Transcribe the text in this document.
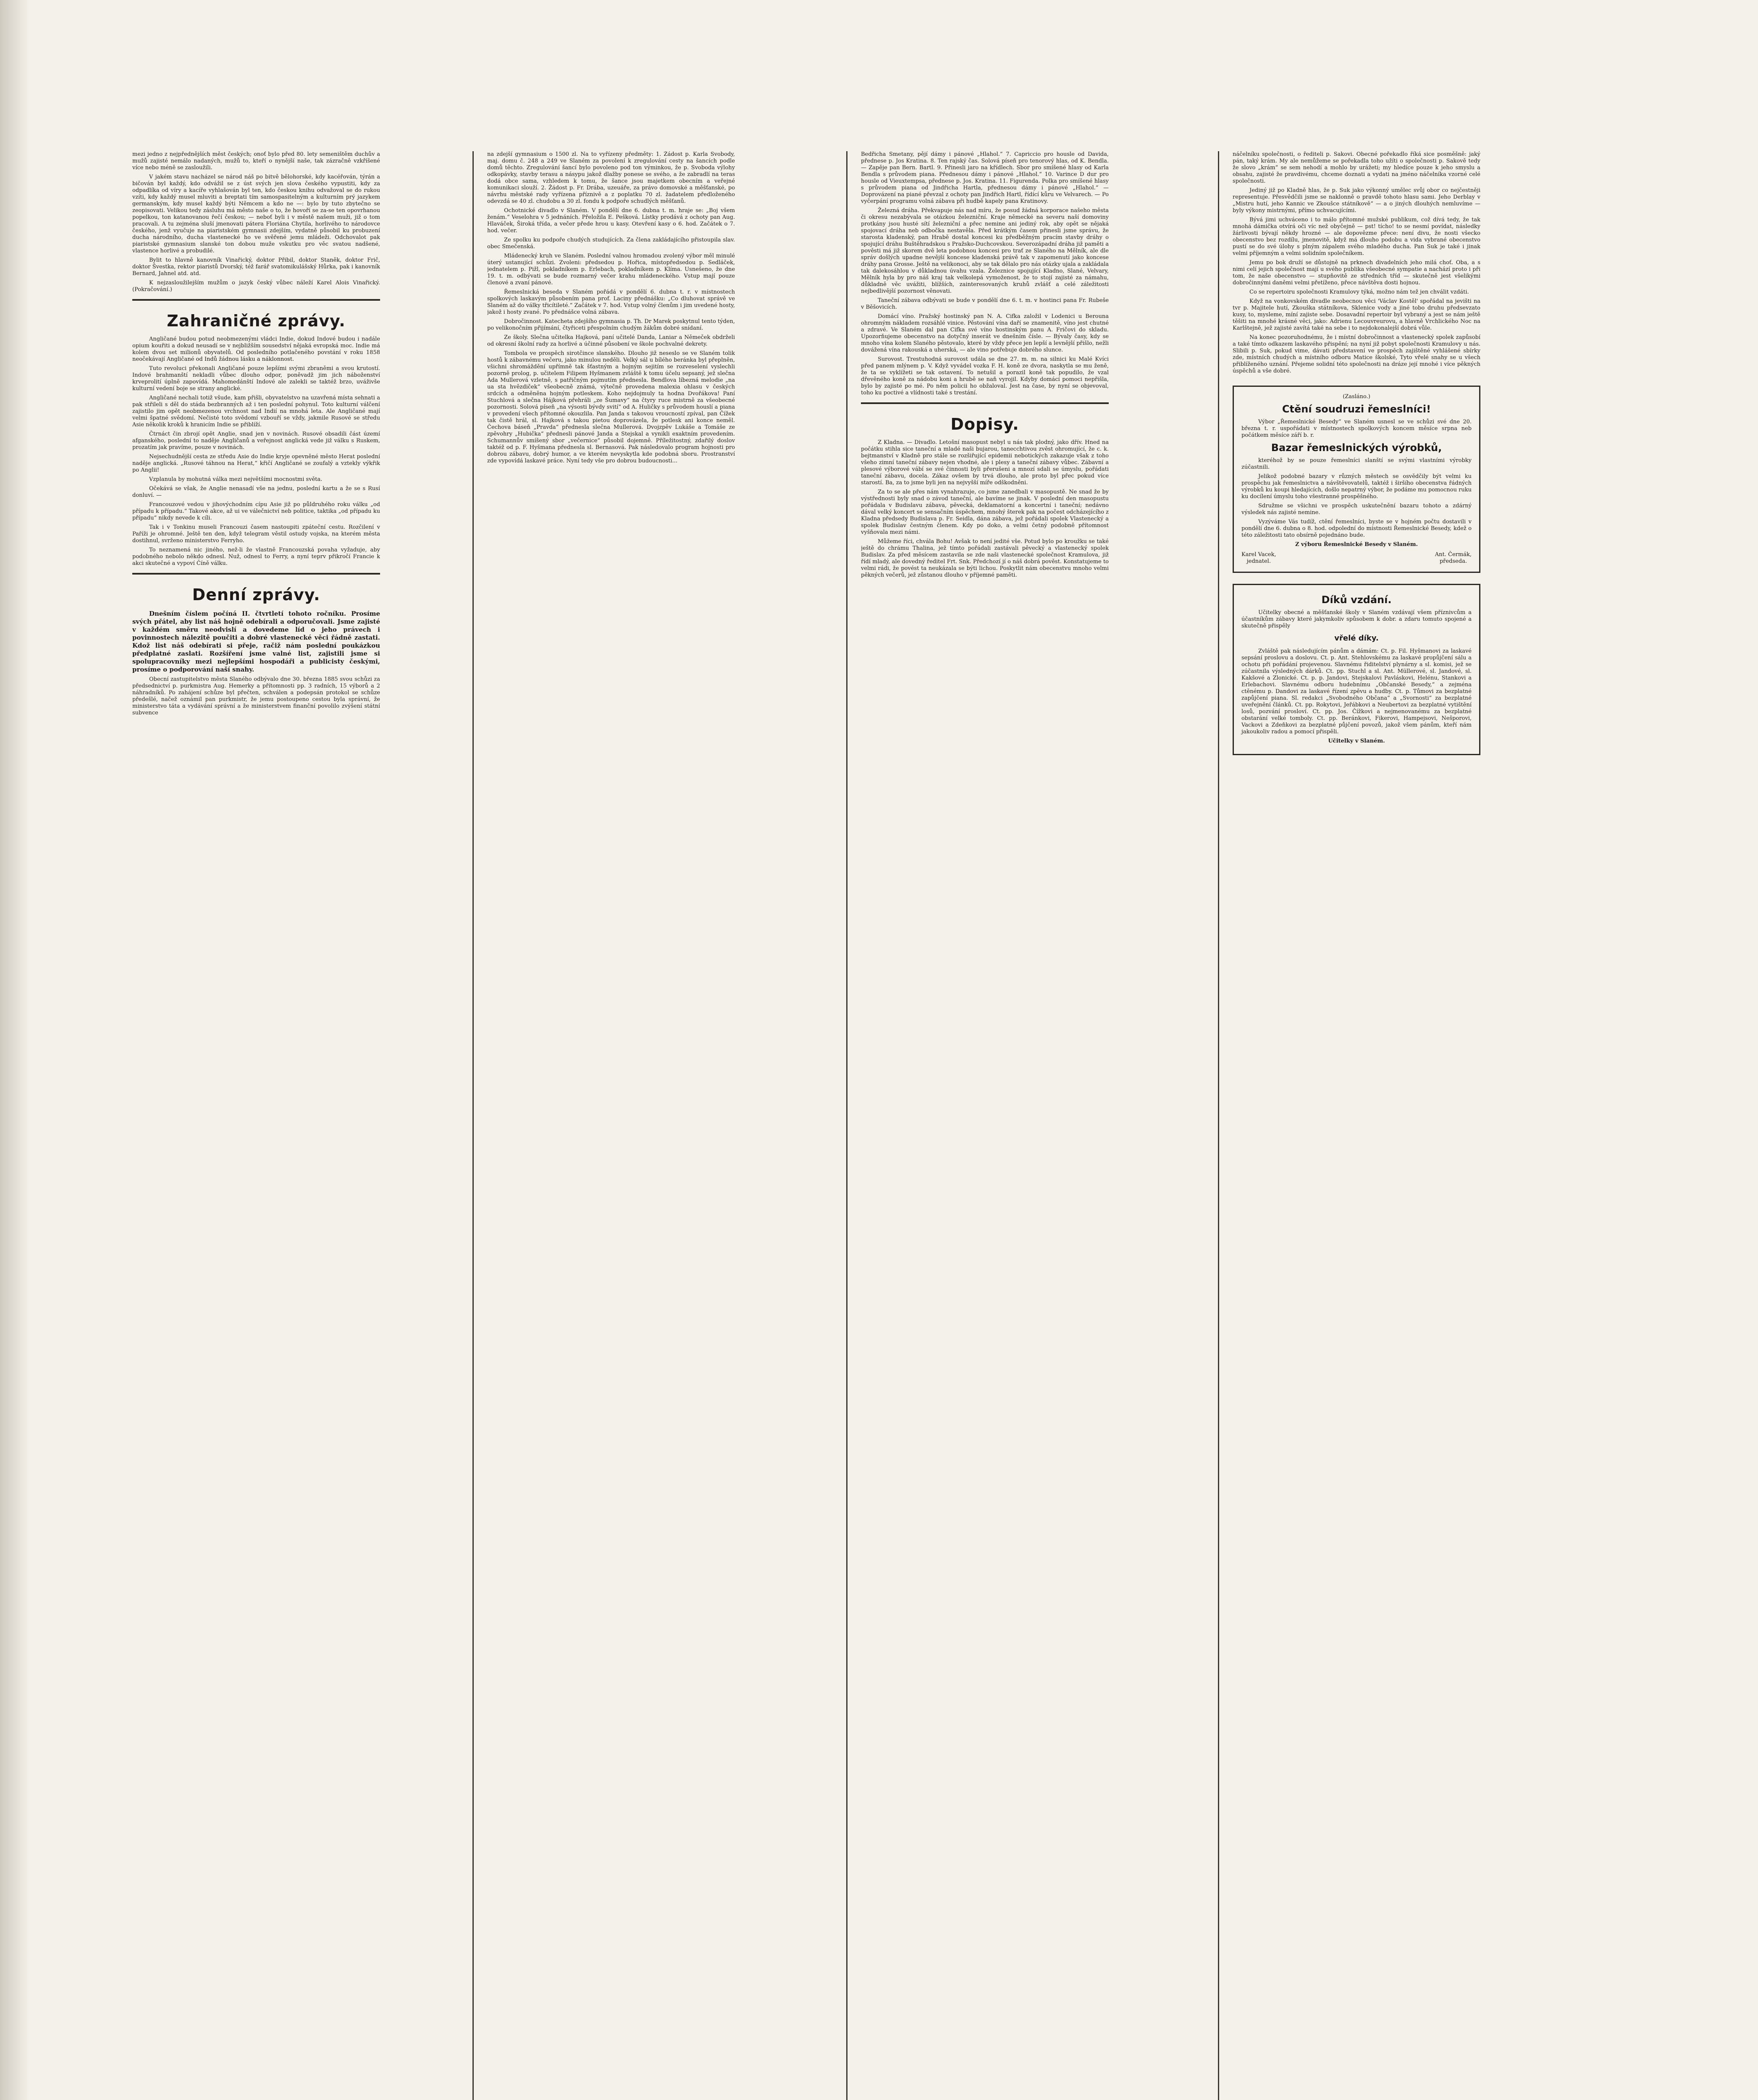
mezi jedno z nejpřednějších měst českých; onoť bylo před 80. lety semeništěm duchův a mužů zajisté nemálo nadaných, mužů to, kteří o nynější naše, tak zázračně vzkříšené více nebo méně se zasloužili.

V jakém stavu nacházel se národ náš po bitvě bělohorské, kdy kacéřován, týrán a bičován byl každý, kdo odvážil se z úst svých jen slova českého vypustiti, kdy za odpadlíka od víry a kacíře vyhlašován byl ten, kdo českou knihu odvažoval se do rukou vzíti, kdy každý musel mluviti a breptati tím samospasitelným a kulturním prý jazykem germanským, kdy musel každý býti Němcem a kdo ne —: bylo by tuto zbytečno se zeopisovati. Velikou tedy zásluhu má město naše o to, že hovoří se za-se ten opovrhanou popelkou, ton katanovanou řečí českou; — neboť byli i v městě našem muži, již o tom pracovali. A tu zejména sluší jmenovati pátera Floriána Chytila, horlivého to národovce českého, jenž vyučuje na piaristském gymnasii zdejším, vydatně působil ku probuzení ducha národního, ducha vlastenecké ho ve svěřené jemu mládeži. Odchovalot pak piaristské gymnasium slanské ton dobou muže vskutku pro věc svatou nadšené, vlastence horlivé a probudilé.

Bylit to hlavně kanovník Vinařický, doktor Přibil, doktor Staněk, doktor Frič, doktor Švestka, rektor piaristů Dvorský, též farář svatomikulášský Hůrka, pak i kanovník Bernard, Jahnel atd. atd.

K nejzasloužilejším mužům o jazyk český vůbec náleží Karel Alois Vinařický. (Pokračování.)

Zahraničné zprávy.

Angličané budou potud neobmezenými vládci Indie, dokud Indové budou i nadále opium kouřiti a dokud neusadí se v nejbližším sousedství nějaká evropská moc. Indie má kolem dvou set milionů obyvatelů. Od posledního potlačeného povstání v roku 1858 neočekávají Angličané od Indů žádnou lásku a náklonnost.

Tuto revoluci překonali Angličané pouze lepšími svými zbraněmi a svou krutostí. Indové brahmanští nekladli vůbec dlouho odpor, poněvadž jim jich náboženství krveprolití úplně zapovídá. Mahomedánští Indové ale zalekli se taktéž brzo, uváživše kulturní vedení boje se strany anglické.

Angličané nechali totiž všude, kam přišli, obyvatelstvo na uzavřená místa sehnati a pak střileli s děl do stáda bezbranných až i ten poslední pohynul. Toto kulturní válčení zajistilo jim opět neobmezenou vrchnost nad Indií na mnohá leta. Ale Angličané mají velmi špatné svědomí. Nečisté toto svědomí vzbouří se vždy, jakmile Rusové se středu Asie několik kroků k hranicím Indie se přiblíží.

Čtrnáct čin zbrojí opět Anglie, snad jen v novinách. Rusové obsadili část území afganského, poslední to naděje Angličanů a veřejnost anglická vede již válku s Ruskem, prozatím jak pravíme, pouze v novinách.

Nejsechudnější cesta ze středu Asie do Indie kryje opevněné město Herat poslední naděje anglická. „Rusové táhnou na Herat,“ křičí Angličané se zoufalý a vztekly výkřik po Anglii!

Vzplanula by mohutná válka mezi největšími mocnostmi světa.

Očekává se však, že Anglie nenasadí vše na jednu, poslední kartu a že se s Rusí donluví. —

Francouzové vedou v jihovýchodním cípu Asie již po půldruhého roku válku „od případu k případu.“ Takové akce, až ui ve válečnictví neb politice, taktika „od případu ku případu“ nikdy nevede k cíli.

Tak i v Tonkinu museli Francouzi časem nastoupiti zpáteční cestu. Rozčilení v Paříži je ohromné. Ještě ten den, když telegram věstil ostudy vojska, na kterém města dostihnul, svrženo ministerstvo Ferryho.

To neznamená nic jiného, než-li že vlastně Francouzská povaha vyžaduje, aby podobného nebolo někdo odnesl. Nuž, odnesl to Ferry, a nyní teprv přikročí Francie k akci skutečné a vypoví Číně válku.

Denní zprávy.

Dnešním číslem počíná II. čtvrtletí tohoto ročníku. Prosíme svých přátel, aby list náš hojně odebírali a odporučovali. Jsme zajisté v každém směru neodvislí a dovedeme líd o jeho právech i povinnostech nálezitě poučiti a dobré vlastenecké věci řádně zastati. Kdož list náš odebírati si přeje, račiž nám poslední poukázkou předplatné zaslati. Rozšíření jsme valné list, zajistili jsme si spolupracovníky mezi nejlepšími hospodáři a publicisty českými, prosíme o podporování naší snahy.

Obecní zastupitelstvo města Slaného odbývalo dne 30. března 1885 svou schůzi za předsednictví p. purkmistra Aug. Hemerky a přítomnosti pp. 3 radních, 15 výborů a 2 náhradníků. Po zahájení schůze byl přečten, schválen a podepsán protokol se schůze předešlé, načež oznámil pan purkmistr, že jemu postoupeno cestou byla správní, že ministerstvo táta a vydávání správní a že ministerstvem finanční povolilo zvýšení státní subvence

na zdejší gymnasium o 1500 zl. Na to vyřízeny předměty: 1. Žádost p. Karla Svobody, maj. domu č. 248 a 249 ve Slaném za povolení k zregulování cesty na šancích podle domů těchto. Zregulování šancí bylo povoleno pod ton výminkou, že p. Svoboda výlohy odkopávky, stavby terasu a násypu jakož dlažby ponese se svého, a že zabradlí na teras dodá obce sama, vzhledem k tomu, že šance jsou majetkem obecním a veřejné komunikaci slouží. 2. Žádost p. Fr. Drába, uzeuáře, za právo domovské a měšťanské, po návrhu městské rady vyřízena příznivě a z poplatku 70 zl. žadatelem předloženého odevzdá se 40 zl. chudobu a 30 zl. fondu k podpoře schudlých měšťanů.

Ochotnické divadlo v Slaném. V pondělí dne 6. dubna t. m. hraje se: „Boj všem ženám.“ Veselohra v 5 jednáních. Přeložila E. Pešková. Lístky prodává z ochoty pan Aug. Hlaváček, Široká třída, a večer přede hrou u kasy. Otevření kasy o 6. hod. Začátek o 7. hod. večer.

Ze spolku ku podpoře chudých studujících. Za člena zakládajícího přistoupila slav. obec Smečenská.

Mládenecký kruh ve Slaném. Poslední valnou hromadou zvolený výbor měl minulé úterý ustanující schůzi. Zvoleni: předsedou p. Hořica, místopředsedou p. Sedláček, jednatelem p. Pižl, pokladníkem p. Erlebach, pokladníkem p. Klíma. Usnešeno, že dne 19. t. m. odbývati se bude rozmarný večer krahu mládeneckého. Vstup mají pouze členové a zvaní pánové.

Řemeslnická beseda v Slaném pořádá v pondělí 6. dubna t. r. v místnostech spolkových laskavým působením pana prof. Laciny přednášku: „Co dluhovat správě ve Slaném až do války třicítileté.“ Začátek v 7. hod. Vstup volný členům i jim uvedené hosty, jakož i hosty zvané. Po přednášce volná zábava.

Dobročinnost. Katecheta zdejšího gymnasia p. Th. Dr Marek poskytnul tento týden, po velikonočním přijímání, čtyřiceti přespolním chudým žákům dobré snídaní.

Ze školy. Slečna učitelka Hajková, paní učitelé Danda, Laniar a Němeček obdrželi od okresní školní rady za horlivé a účinné působení ve škole pochvalné dekrety.

Tombola ve prospěch sirotčince slanského. Dlouho již neseslo se ve Slaném tolik hostů k zábavnému večeru, jako minulou neděli. Velký sál u bílého beránka byl přeplněn, všichni shromáždění upřímně tak šťastným a hojným sejitím se rozveselení vyslechli pozorně prolog, p. učitelem Filipem Hyšmanem zvláště k tomu účelu sepsaný, jež slečna Ada Mullerová vzletně, s patřičným pojmutím přednesla. Bendlova líbezná melodie „na ua sta hvězdiček“ všeobecně známá, výtečně provedena malexia ohlasu v českých srdcích a odměněna hojným potleskem. Koho nejdojmuly ta hodna Dvořákova! Paní Stuchlová a slečna Hájková přehráli „ze Šumavy“ na čtyry ruce mistrně za všeobecné pozornosti. Solová píseň „na výsosti bývdy svití“ od A. Huličky s průvodem houslí a piana v provedení všech přítomné okouzlila. Pan Janda s takovou vroucností zpíval, pan Čížek tak čistě hrál, sl. Hajková s takou pietou doprovázela, že potlesk ani konce neměl. Čechova báseň „Pravda“ přednesla slečna Mullerová. Dvojzpěv Lukáše a Tomáše ze zpěvohry „Hubička“ přednesli pánové Janda a Stejskal a vynikli exaktním provedením. Schumannův smíšený sbor „večernice“ působil dojemně. Příležitostný, zdařilý doslov taktéž od p. F. Hyšmana přednesla sl. Bernasová. Pak následovalo program hojnosti pro dobrou zábavu, dobrý humor, a ve kterém nevyskytla kde podobná sboru. Prostranství zde vypovídá laskavé práce. Nyní tedy vše pro dobrou budoucnosti...

Bedřicha Smetany, pějí dámy i pánové „Hlahol.“ 7. Capriccio pro housle od Davida, přednese p. Jos Kratina. 8. Ten rajský čas. Solová píseň pro tenorový hlas, od K. Bendla. — Zapěje pan Bern. Bartl. 9. Přinesli jaro na křídlech. Sbor pro smíšené hlasy od Karla Bendla s průvodem piana. Přednesou dámy i pánové „Hlahol.“ 10. Varince D dur pro housle od Vieuxtempsa, přednese p. Jos. Kratina. 11. Figurenda. Polka pro smíšené hlasy s průvodem piana od Jindřicha Hartla, přednesou dámy i pánové „Hlahol.“ — Doprovázení na piané převzal z ochoty pan Jindřich Hartl, řídící kůru ve Velvarech. — Po vyčerpání programu volná zábava při hudbě kapely pana Kratinovy.

Železná dráha. Překvapuje nás nad míru, že posud žádná korporace našeho města či okresu nezabývala se otázkou železniční. Kraje německé na severu naší domoviny protkány jsou husté sítí železniční a přec nemine ani jediný rok, aby opět se nějaká spojovací dráha neb odbočka nestavěla. Před krátkým časem přinesli jsme správu, že starosta kladenský, pan Hrabě dostal koncesi ku předběžným pracím stavby dráhy o spojující dráhu Buštěhradskou s Pražsko-Duchcovskou. Severozápadní dráha již paměti a pověsti má již skorem dvě leta podobnou koncesi pro trať ze Slaného na Mělník, ale dle správ došlých upadne nevější koncese kladenská právě tak v zapomenutí jako koncese dráhy pana Grosse. Ještě na velikonoci, aby se tak dělalo pro nás otázky ujala a zakládala tak dalekosáhlou v důkladnou úvahu vzala. Železnice spojující Kladno, Slané, Velvary, Mělník hyla by pro náš kraj tak velkolepá vymoženost, že to stojí zajisté za námahu, důkladně věc uvážiti, blížších, zainteresovaných kruhů zvlášť a celé záležitosti nejbedlivější pozornost věnovati.

Taneční zábava odbývati se bude v pondělí dne 6. t. m. v hostinci pana Fr. Rubeše v Běšovicích.

Domácí víno. Pražský hostinský pan N. A. Cifka založil v Lodenici u Berouna ohromným nákladem rozsáhlé vinice. Pěstování vína daří se znamenitě, víno jest chutné a zdravé. Ve Slaném dal pan Cifka své víno hostinským panu A. Fričovi do skladu. Upozorňujeme obecenstvo na dotyčný inserát ve dnešním čísle. — Bývaly časy, kdy se mnoho vína kolem Slaného pěstovalo, které by vždy přece jen lepší a levnější přišlo, nežli dovážená vína rakouská a uherská, — ale vino potřebuje dobrého slunce.

Surovost. Trestuhodná surovost udála se dne 27. m. m. na silnici ku Malé Kvíci před panem mlýnem p. V. Když vyvádel vozka F. H. koně ze dvora, naskytla se mu ženě, že ta se vyklížeti se tak ostavení. To netušil a porazil koně tak popudilo, že vzal dřevěného koně za nádobu koni a hrubě se naň vyrojil. Kdyby domácí pomoci nepřišla, bylo by zajisté po mé. Po něm policii ho obžaloval. Jest na čase, by nyní se objevoval, toho ku poctivé a vlídnosti také s trestání.

Dopisy.

Z Kladna. — Divadlo. Letošní masopust nebyl u nás tak plodný, jako dřív. Hned na počátku stihla sice taneční a mladé naši bujarou, tanecchtivou zvěst ohromující, že c. k. bejtmanství v Kladně pro stále se rozšiřující epidemii nebotických zakazuje však z toho všeho zimní taneční zábavy nejen vhodné, ale i plesy a taneční zábavy vůbec. Zábavní a plesové výborové vábí se své činnosti byli přerušeni a mnozí sdali se úmyslu, pořádati taneční zábavu, docela. Zákaz ovšem by trvá dlouho, ale proto byl přec pokud více starostí. Ba, za to jsme byli jen na nejvyšší míře odškodněni.

Za to se ale přes nám vynahrazuje, co jsme zanedbali v masopustě. Ne snad že by výstřednosti byly snad o závod taneční, ale bavíme se jinak. V poslední den masopustu pořádala v Budislavu zábava, pěvecká, deklamatorní a koncertní i taneční; nedávno dával velký koncert se sensačním úspěchem, mnohý šterek pak na počest odcházejícího z Kladna předsedy Budislava p. Fr. Seidla, dána zábava, jež pořádali spolek Vlastenecký a spolek Budislav čestným členem. Kdy po doko, a velmi četný podobně přítomnost vyšňovala mezi námi.

Můžeme říci, chvála Bohu! Avšak to není jedité vše. Potud bylo po kroužku se také ještě do chrámu Thalina, jež tímto pořádali zastávali pěvecký a vlastenecký spolek Budislav. Za před měsícem zastavila se zde naši vlastenecké společnost Kramulova, již řídí mladý, ale dovedný ředitel Frt. Snk. Předchozí jí o náš dobrá pověst. Konstatujeme to velmi rádi, že povést ta neukázala se býti lichou. Poskytlit nám obecenstvu mnoho velmi pěkných večerů, jež zůstanou dlouho v příjemné paměti.

náčelníku společnosti, o řediteli p. Sakovi. Obecné pořekadlo říká sice posměšně: jaký pán, taký krám. My ale nemůžeme se pořekadla toho užíti o společnosti p. Sakově tedy že slovo „krám“ se sem nehodí a mohlo by urážeti; my hledíce pouze k jeho smyslu a obsahu, zajisté že pravdivému, chceme doznati a vydati na jméno náčelníka vzorné celé společnosti.

Jediný již po Kladně hlas, že p. Suk jako výkonný umělec svůj obor co nejčestněji representuje. Přesvědčili jsme se naklonně o pravdě tohoto hlasu sami. Jeho Derblay v „Mistru hutí, jeho Kannic ve Zkoušce státníkově“ — a o jiných dlouhých nemluvíme — byly výkony mistrnými, přímo uchvacujícími.

Bývá jimi uchváceno i to málo přítomné mužské publikum, což dívá tedy, že tak mnohá dámička otvírá oči víc než obyčejně — pst! tícho! to se nesmí povídat, následky žárlivosti bývají někdy hrozné — ale dopovězme přece: není divu, že nosti všecko obecenstvo bez rozdílu, jmenovitě, když má dlouho podobu a vida vybrané obecenstvo pustí se do své úlohy s plným zápalem svého mladého ducha. Pan Suk je také i jinak velmi příjemným a velmi solidním společníkem.

Jemu po bok druží se důstojně na prknech divadelních jeho milá choť. Oba, a s nimi celí jejich společnost mají u svého publika všeobecné sympatie a nachází proto i při tom, že naše obecenstvo — stupňovitě ze středních tříd — skutečně jest všelikými dobročinnými daněmi velmi přetíženo, přece návštěva dosti hojnou.

Co se repertoiru společnosti Kramulovy týká, možno nám tež jen chválit vzdáti.

Když na vonkovském divadle neobecnou věci 'Václav Kostěl' spořádal na jevišti na tvr p. Majitele hutí, Zkouška státníkova, Sklenice vody a jiné tobo druhu předsevzato kusy, to, mysleme, míní zajiste sebe. Dosavadní repertoir byl vybraný a jest se nám ještě těšiti na mnohé krásné věci, jako: Adrienu Lecouvreurovu, a hlavně Vrchlického Noc na Karlštejně, jež zajisté zavítá také na sebe i to nejdokonalejší dobrá vůle.

Na konec pozoruhodnému, že i místní dobročinnost a vlastenecký spolek zapůsobí a také tímto odkazem laskavého přispění; na nyní již pobyt společnosti Kramulovy u nás. Slibili p. Suk, pokud vime, dávati představení ve prospěch zajištěné vyhlášené sbírky zde, místních chudých a místního odboru Matice školské, Tyto vřelé snahy se u všech přiblíženého uznání. Přejeme solidní této společnosti na dráze její mnohé i více pěkných úspěchů a vše dobré.

(Zasláno.)

Ctění soudruzi řemeslníci!

Výbor „Řemeslnické Besedy“ ve Slaném usnesl se ve schůzi své dne 20. března t. r. uspořádati v místnostech spolkových koncem měsíce srpna neb počátkem měsíce září b. r.

Bazar řemeslnických výrobků,

kteréhož by se pouze řemeslníci slanští se svými vlastními výrobky zúčastnili.

Jelikož podobné bazary v různých městech se osvědčily být velmi ku prospěchu jak řemeslnictva a návštěvovatelů, taktéž i širšího obecenstva řádných výrobků ku koupi hledajících, došlo nepatrný výbor, že podáme mu pomocnou ruku ku docílení úmyslu toho všestranné prospěšného.

Sdružme se všichni ve prospěch uskutečnění bazaru tohoto a zdárný výsledek nás zajisté nemine.

Vyzýváme Vás tudíž, ctění řemeslníci, byste se v hojném počtu dostavili v pondělí dne 6. dubna o 8. hod. odpolední do místnosti Řemeslnické Besedy, kdež o této záležitosti tato obsírně pojednáno bude.

Z výboru Řemeslnické Besedy v Slaném.

Karel Vacek,
jednatel.
Ant. Čermák,
předseda.
Díků vzdání.

Učitelky obecné a měšťanské školy v Slaném vzdávají všem příznivcům a účastníkům zábavy které jakymkoliv spůsobem k dobr. a zdaru tomuto spojené a skutečně přispěly

vřelé díky.

Zvláště pak následujícím pánům a dámám: Ct. p. Fil. Hyšmanovi za laskavé sepsání proslovu a doslovu. Ct. p. Ant. Stehlovskému za laskavé propůjčení sálu a ochotu při pořádání projevenou. Slavnému řiditelství plynárny a sl. komisi, jež se zúčastnila výsledných dárků. Ct. pp. Stuchl a sl. Ant. Müllerové, sl. Jandové, sl. Kakšové a Zlonické. Ct. p. p. Jandovi, Stejskalovi Pavláskovi, Helénu, Stankovi a Erlebachovi. Slavnému odboru hudebnímu „Občanské Besedy,“ a zejména ctěnému p. Dandovi za laskavé řízení zpěvu a hudby. Ct. p. Tůmovi za bezplatné zapůjčení piana. Sl. redakci „Svobodného Občana“ a „Svornosti“ za bezplatné uveřejnění článků. Ct. pp. Rokytovi, Jeřábkovi a Neubertovi za bezplatné vytištění losů, pozvání prosloví. Ct. pp. Jos. Čížkovi a nejmenovanému za bezplatné obstarání velké tomboly. Ct. pp. Beránkovi, Fikerovi, Hampejsovi, Nešporovi, Vackovi a Zdeňkovi za bezplatné půjčení povozů, jakož všem pánům, kteří nám jakoukoliv radou a pomocí přispěli.

Učitelky v Slaném.
